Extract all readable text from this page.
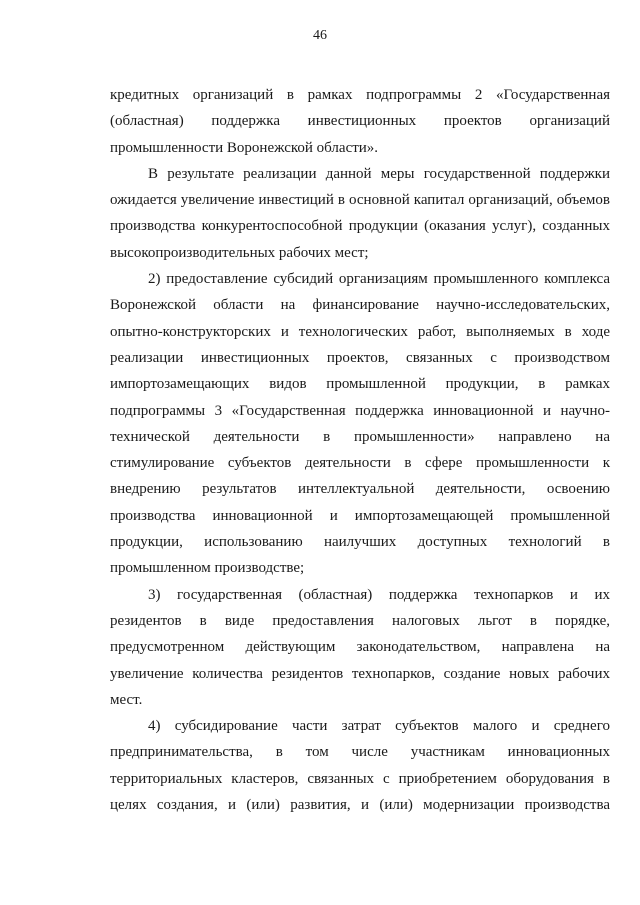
46
кредитных организаций в рамках подпрограммы 2 «Государственная
(областная) поддержка инвестиционных проектов организаций
промышленности Воронежской области».
В результате реализации данной меры государственной поддержки
ожидается увеличение инвестиций в основной капитал организаций, объемов
производства конкурентоспособной продукции (оказания услуг), созданных
высокопроизводительных рабочих мест;
2) предоставление субсидий организациям промышленного комплекса
Воронежской области на финансирование научно-исследовательских,
опытно-конструкторских и технологических работ, выполняемых в ходе
реализации инвестиционных проектов, связанных с производством
импортозамещающих видов промышленной продукции, в рамках
подпрограммы 3 «Государственная поддержка инновационной и научно-
технической деятельности в промышленности» направлено на
стимулирование субъектов деятельности в сфере промышленности к
внедрению результатов интеллектуальной деятельности, освоению
производства инновационной и импортозамещающей промышленной
продукции, использованию наилучших доступных технологий в
промышленном производстве;
3) государственная (областная) поддержка технопарков и их
резидентов в виде предоставления налоговых льгот в порядке,
предусмотренном действующим законодательством, направлена на
увеличение количества резидентов технопарков, создание новых рабочих
мест.
4) субсидирование части затрат субъектов малого и среднего
предпринимательства, в том числе участникам инновационных
территориальных кластеров, связанных с приобретением оборудования в
целях создания, и (или) развития, и (или) модернизации производства
